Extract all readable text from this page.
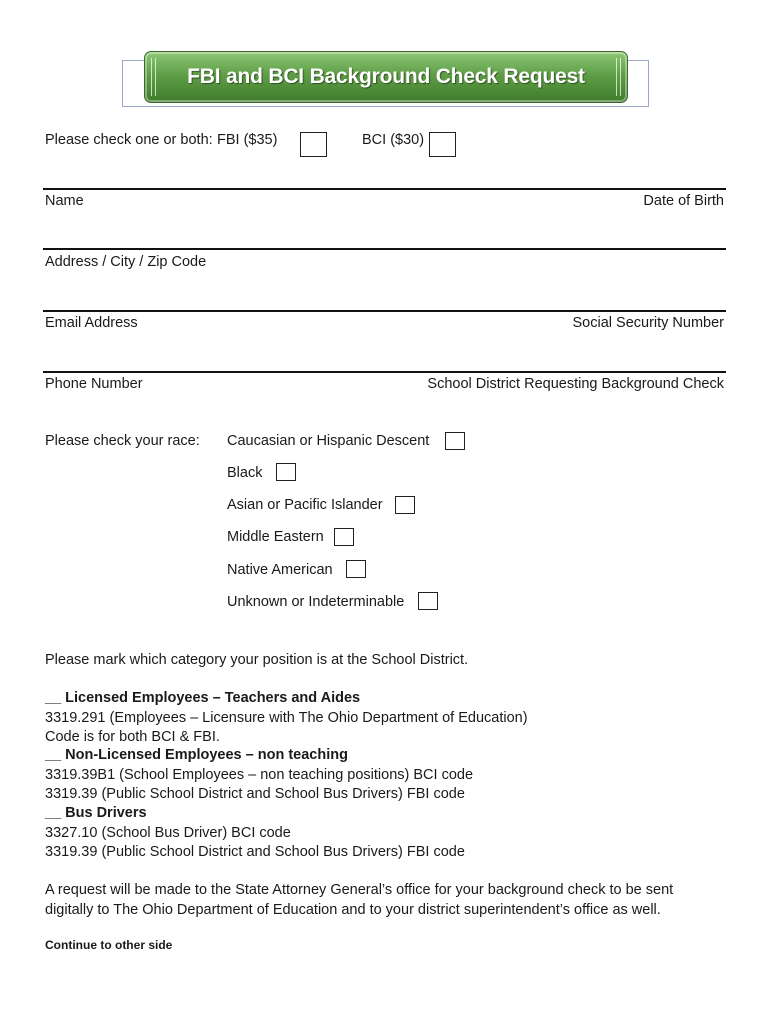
FBI and BCI Background Check Request
Please check one or both: FBI ($35)	BCI ($30)
Name	Date of Birth
Address / City / Zip Code
Email Address	Social Security Number
Phone Number	School District Requesting Background Check
Please check your race: Caucasian or Hispanic Descent
Black
Asian or Pacific Islander
Middle Eastern
Native American
Unknown or Indeterminable
Please mark which category your position is at the School District.
__ Licensed Employees – Teachers and Aides
3319.291 (Employees – Licensure with The Ohio Department of Education)
Code is for both BCI & FBI.
__ Non-Licensed Employees – non teaching
3319.39B1 (School Employees – non teaching positions) BCI code
3319.39 (Public School District and School Bus Drivers) FBI code
__ Bus Drivers
3327.10 (School Bus Driver) BCI code
3319.39 (Public School District and School Bus Drivers) FBI code
A request will be made to the State Attorney General’s office for your background check to be sent
digitally to The Ohio Department of Education and to your district superintendent’s office as well.
Continue to other side
